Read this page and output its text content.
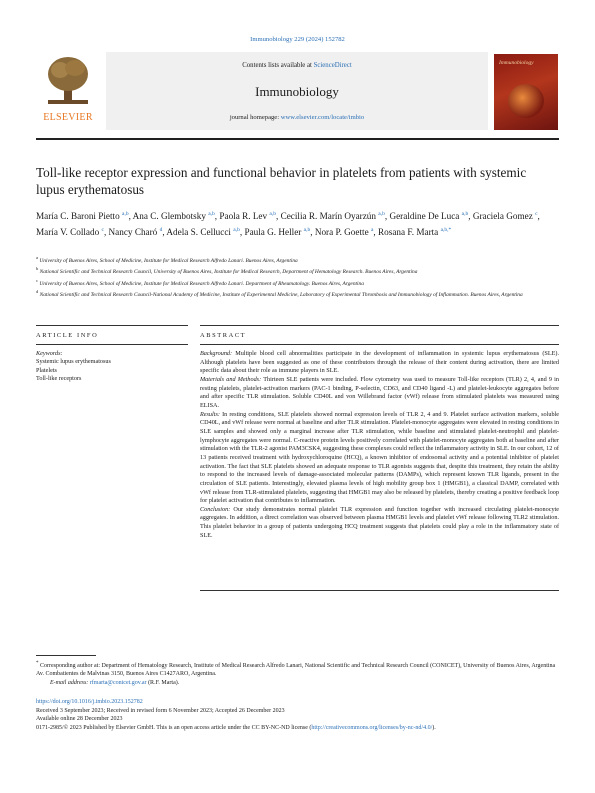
Immunobiology 229 (2024) 152782
ELSEVIER
Contents lists available at ScienceDirect
Immunobiology
journal homepage: www.elsevier.com/locate/imbio
Immunobiology
Toll-like receptor expression and functional behavior in platelets from patients with systemic lupus erythematosus
María C. Baroni Pietto $^{a,b}$, Ana C. Glembotsky $^{a,b}$, Paola R. Lev $^{a,b}$, Cecilia R. Marín Oyarzún $^{a,b}$, Geraldine De Luca $^{a,b}$, Graciela Gomez $^c$, María V. Collado $^c$, Nancy Charó $^d$, Adela S. Cellucci $^{a,b}$, Paula G. Heller $^{a,b}$, Nora P. Goette $^a$, Rosana F. Marta $^{a,b,*}$
$^a$ University of Buenos Aires, School of Medicine, Institute for Medical Research Alfredo Lanari. Buenos Aires, Argentina
$^b$ National Scientific and Technical Research Council, University of Buenos Aires, Institute for Medical Research, Department of Hematology Research. Buenos Aires, Argentina
$^c$ University of Buenos Aires, School of Medicine, Institute for Medical Research Alfredo Lanari. Department of Rheumatology. Buenos Aires, Argentina
$^d$ National Scientific and Technical Research Council-National Academy of Medicine, Institute of Experimental Medicine, Laboratory of Experimental Thrombosis and Immunobiology of Inflammation. Buenos Aires, Argentina
ARTICLE INFO	ABSTRACT
Keywords:
Systemic lupus erythematosus
Platelets
Toll-like receptors

Background: Multiple blood cell abnormalities participate in the development of inflammation in systemic lupus erythematosus (SLE). Although platelets have been suggested as one of these contributors through the release of their content during activation, there are limited specific data about their role as immune players in SLE.

Materials and Methods: Thirteen SLE patients were included. Flow cytometry was used to measure Toll-like receptors (TLR) 2, 4, and 9 in resting platelets, platelet-activation markers (PAC-1 binding, P-selectin, CD63, and CD40 ligand -L) and platelet-leukocyte aggregates before and after specific TLR stimulation. Soluble CD40L and von Willebrand factor (vWf) release from stimulated platelets was measured using ELISA.

Results: In resting conditions, SLE platelets showed normal expression levels of TLR 2, 4 and 9. Platelet surface activation markers, soluble CD40L, and vWf release were normal at baseline and after TLR stimulation. Platelet-monocyte aggregates were elevated in resting conditions in SLE samples and showed only a marginal increase after TLR stimulation, while baseline and stimulated platelet-neutrophil and platelet-lymphocyte aggregates were normal. C-reactive protein levels positively correlated with platelet-monocyte aggregates both at baseline and after stimulation with the TLR-2 agonist PAM3CSK4, suggesting these complexes could reflect the inflammatory activity in SLE. In our cohort, 12 of 13 patients received treatment with hydroxychloroquine (HCQ), a known inhibitor of endosomal activity and a potential inhibitor of platelet activation. The fact that SLE platelets showed an adequate response to TLR agonists suggests that, despite this treatment, they retain the ability to respond to the increased levels of damage-associated molecular patterns (DAMPs), which represent known TLR ligands, present in the circulation of SLE patients. Interestingly, elevated plasma levels of high mobility group box 1 (HMGB1), a classical DAMP, correlated with vWf release from TLR-stimulated platelets, suggesting that HMGB1 may also be released by platelets, thereby creating a positive feedback loop for platelet activation that contributes to inflammation.

Conclusion: Our study demonstrates normal platelet TLR expression and function together with increased circulating platelet-monocyte aggregates. In addition, a direct correlation was observed between plasma HMGB1 levels and platelet vWf release following TLR2 stimulation. This platelet behavior in a group of patients undergoing HCQ treatment suggests that platelets could play a role in the inflammatory state of SLE.

* Corresponding author at: Department of Hematology Research, Institute of Medical Research Alfredo Lanari, National Scientific and Technical Research Council (CONICET), University of Buenos Aires, Argentina Av. Combatientes de Malvinas 3150, Buenos Aires C1427ARO, Argentina.
E-mail address: rfmarta@conicet.gov.ar (R.F. Marta).
https://doi.org/10.1016/j.imbio.2023.152782
Received 3 September 2023; Received in revised form 6 November 2023; Accepted 26 December 2023
Available online 28 December 2023
0171-2985/© 2023 Published by Elsevier GmbH. This is an open access article under the CC BY-NC-ND license (http://creativecommons.org/licenses/by-nc-nd/4.0/).
